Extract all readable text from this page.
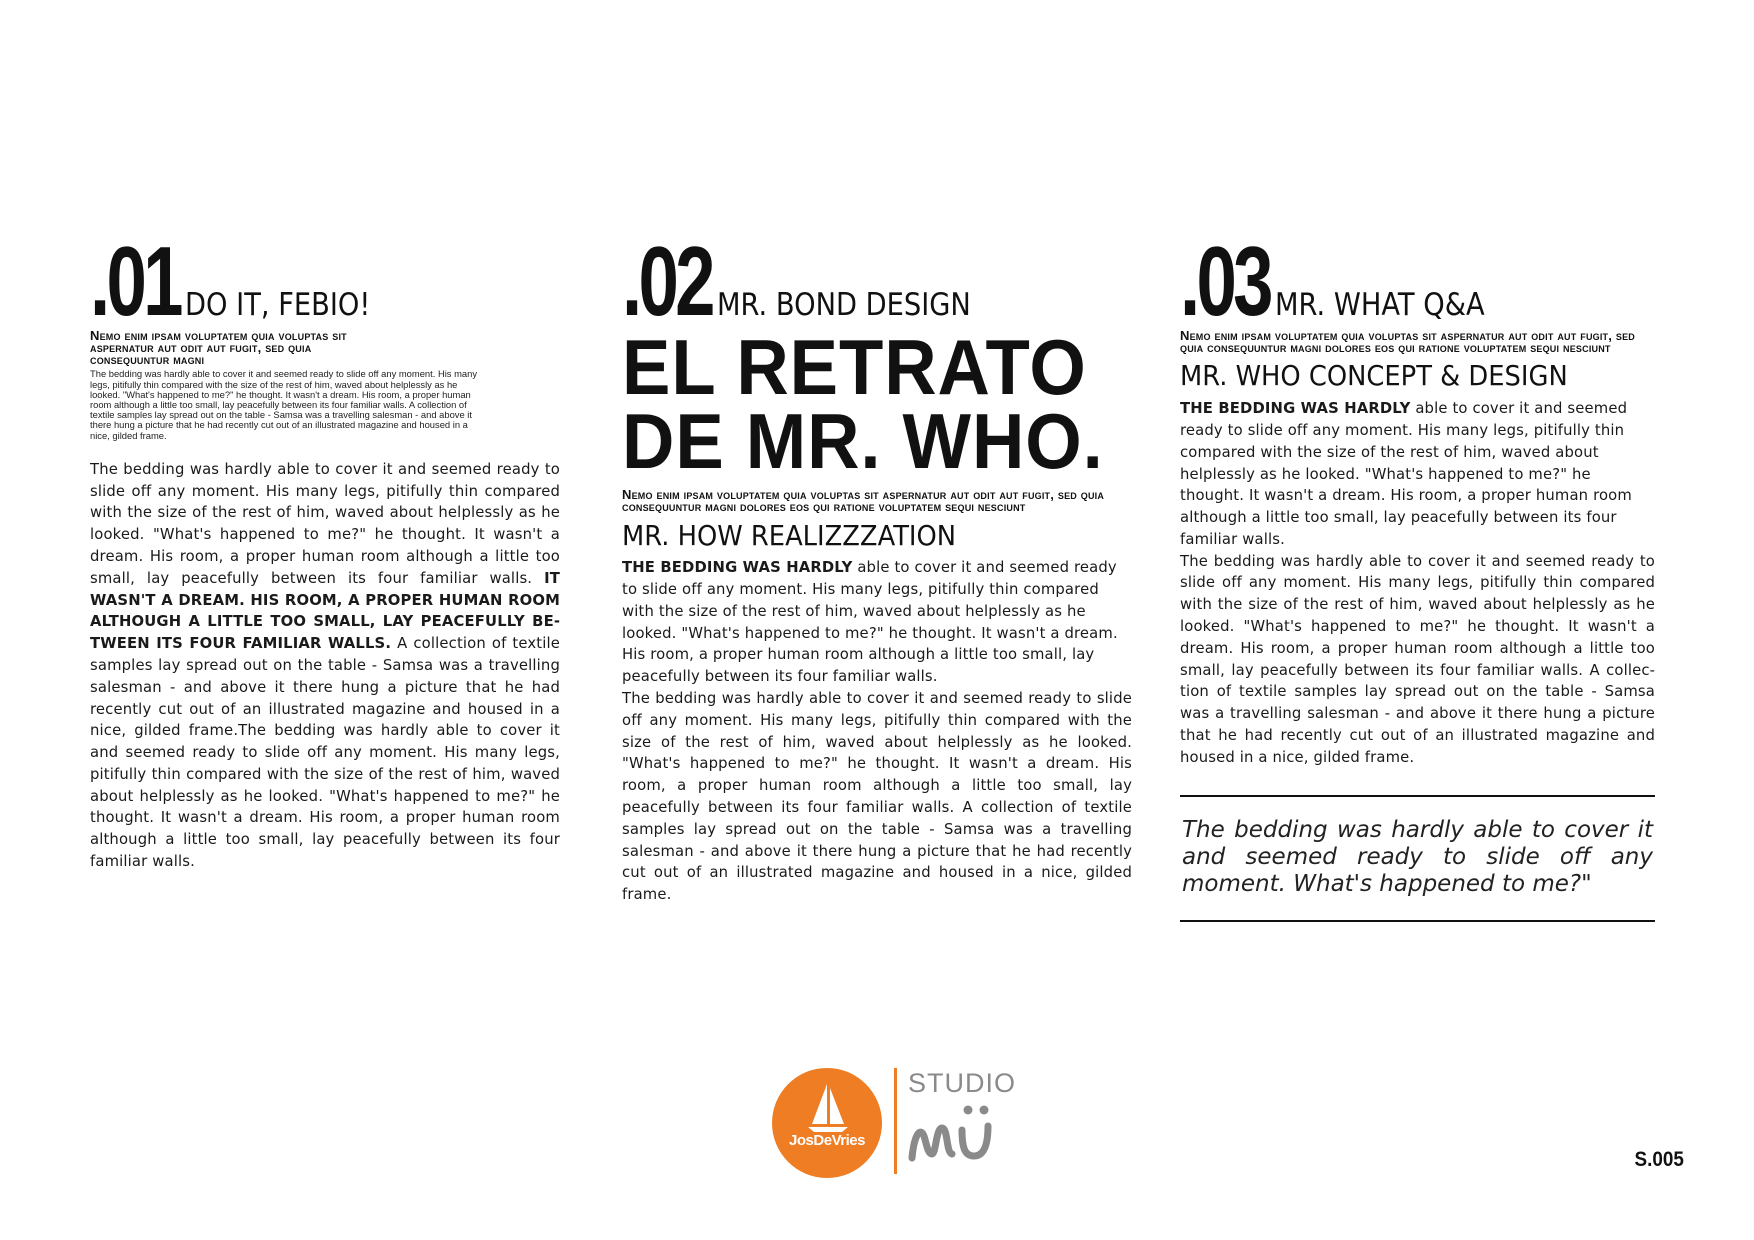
.01 DO IT, FEBIO!
Nemo enim ipsam voluptatem quia voluptas sit aspernatur aut odit aut fugit, sed quia consequuntur magni
The bedding was hardly able to cover it and seemed ready to slide off any moment. His many legs, pitifully thin compared with the size of the rest of him, waved about helplessly as he looked. "What's happened to me?" he thought. It wasn't a dream. His room, a proper human room although a little too small, lay peacefully between its four familiar walls. A collection of textile samples lay spread out on the table - Samsa was a travelling salesman - and above it there hung a picture that he had recently cut out of an illustrated magazine and housed in a nice, gilded frame.
The bedding was hardly able to cover it and seemed ready to slide off any moment. His many legs, pitifully thin compared with the size of the rest of him, waved about helplessly as he looked. "What's happened to me?" he thought. It wasn't a dream. His room, a proper human room although a little too small, lay peacefully between its four familiar walls. IT WASN'T A DREAM. HIS ROOM, A PROPER HUMAN ROOM ALTHOUGH A LITTLE TOO SMALL, LAY PEACEFULLY BETWEEN ITS FOUR FAMILIAR WALLS. A collection of textile samples lay spread out on the table - Samsa was a travelling salesman - and above it there hung a picture that he had recently cut out of an illustrated magazine and housed in a nice, gilded frame.The bedding was hardly able to cover it and seemed ready to slide off any moment. His many legs, pitifully thin compared with the size of the rest of him, waved about helplessly as he looked. "What's happened to me?" he thought. It wasn't a dream. His room, a proper human room although a little too small, lay peacefully between its four familiar walls.
.02 MR. BOND DESIGN
EL RETRATO
DE MR. WHO.
Nemo enim ipsam voluptatem quia voluptas sit aspernatur aut odit aut fugit, sed quia consequuntur magni dolores eos qui ratione voluptatem sequi nesciunt
MR. HOW REALIZZZATION
THE BEDDING WAS HARDLY able to cover it and seemed ready to slide off any moment. His many legs, pitifully thin compared with the size of the rest of him, waved about helplessly as he looked. "What's happened to me?" he thought. It wasn't a dream. His room, a proper human room although a little too small, lay peacefully between its four familiar walls.
The bedding was hardly able to cover it and seemed ready to slide off any moment. His many legs, pitifully thin compared with the size of the rest of him, waved about helplessly as he looked. "What's happened to me?" he thought. It wasn't a dream. His room, a proper human room although a little too small, lay peacefully between its four familiar walls. A collection of textile samples lay spread out on the table - Samsa was a travelling salesman - and above it there hung a picture that he had recently cut out of an illustrated magazine and housed in a nice, gilded frame.
.03 MR. WHAT Q&A
Nemo enim ipsam voluptatem quia voluptas sit aspernatur aut odit aut fugit, sed quia consequuntur magni dolores eos qui ratione voluptatem sequi nesciunt
MR. WHO CONCEPT & DESIGN
THE BEDDING WAS HARDLY able to cover it and seemed ready to slide off any moment. His many legs, pitifully thin compared with the size of the rest of him, waved about helplessly as he looked. "What's happened to me?" he thought. It wasn't a dream. His room, a proper human room although a little too small, lay peacefully between its four familiar walls.
The bedding was hardly able to cover it and seemed ready to slide off any moment. His many legs, pitifully thin compared with the size of the rest of him, waved about helplessly as he looked. "What's happened to me?" he thought. It wasn't a dream. His room, a proper human room although a little too small, lay peacefully between its four familiar walls. A collection of textile samples lay spread out on the table - Samsa was a travelling salesman - and above it there hung a picture that he had recently cut out of an illustrated magazine and housed in a nice, gilded frame.
The bedding was hardly able to cover it and seemed ready to slide off any moment. What's happened to me?"
JosDeVries
STUDIO
S.005
